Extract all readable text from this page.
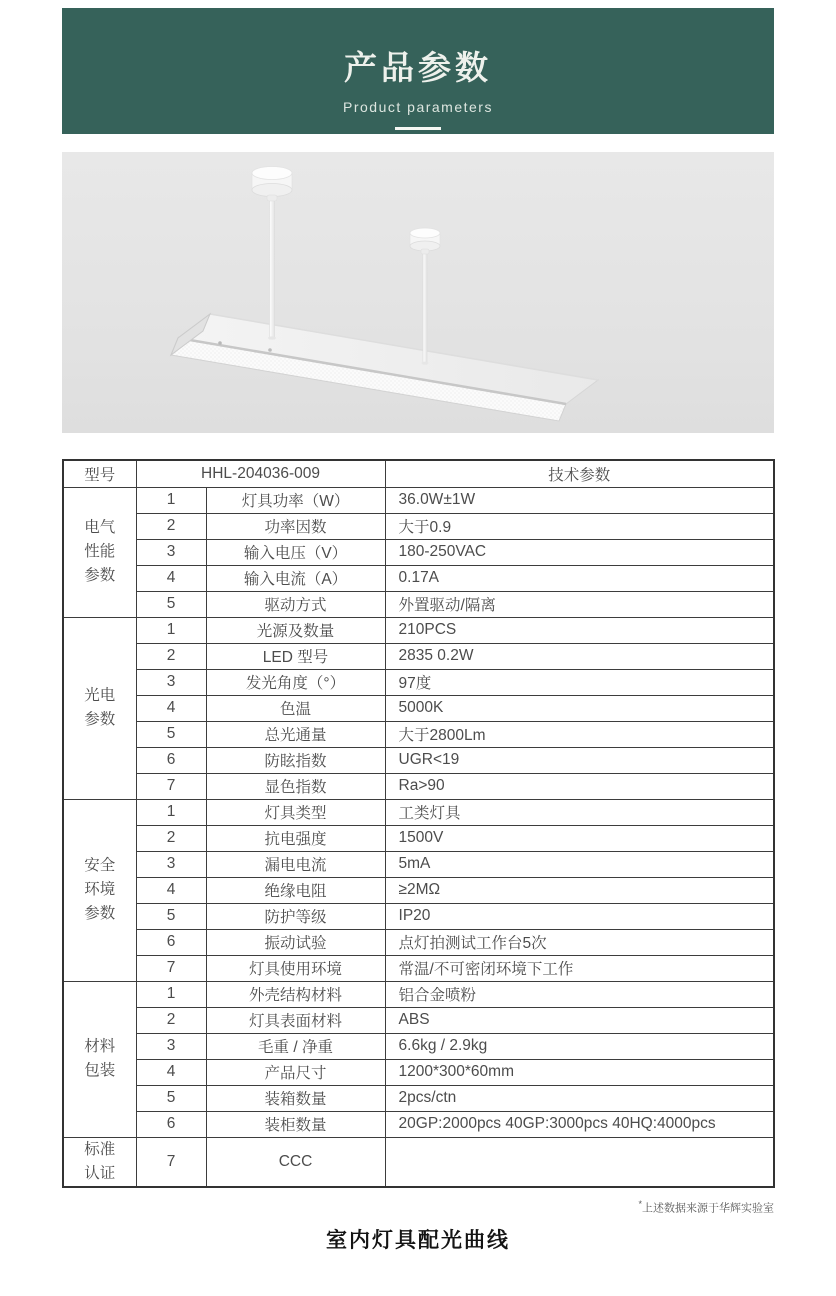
产品参数
Product parameters
型号	HHL-204036-009		技术参数
电气性能参数	1	灯具功率（W）	36.0W±1W
	2	功率因数	大于0.9
	3	输入电压（V）	180-250VAC
	4	输入电流（A）	0.17A
	5	驱动方式	外置驱动/隔离
光电参数	1	光源及数量	210PCS
	2	LED 型号	2835 0.2W
	3	发光角度（°）	97度
	4	色温	5000K
	5	总光通量	大于2800Lm
	6	防眩指数	UGR<19
	7	显色指数	Ra>90
安全环境参数	1	灯具类型	工类灯具
	2	抗电强度	1500V
	3	漏电电流	5mA
	4	绝缘电阻	≥2MΩ
	5	防护等级	IP20
	6	振动试验	点灯拍测试工作台5次
	7	灯具使用环境	常温/不可密闭环境下工作
材料包装	1	外壳结构材料	铝合金喷粉
	2	灯具表面材料	ABS
	3	毛重 / 净重	6.6kg / 2.9kg
	4	产品尺寸	1200*300*60mm
	5	装箱数量	2pcs/ctn
	6	装柜数量	20GP:2000pcs 40GP:3000pcs 40HQ:4000pcs
标准认证	7	CCC	
*上述数据来源于华辉实验室
室内灯具配光曲线
